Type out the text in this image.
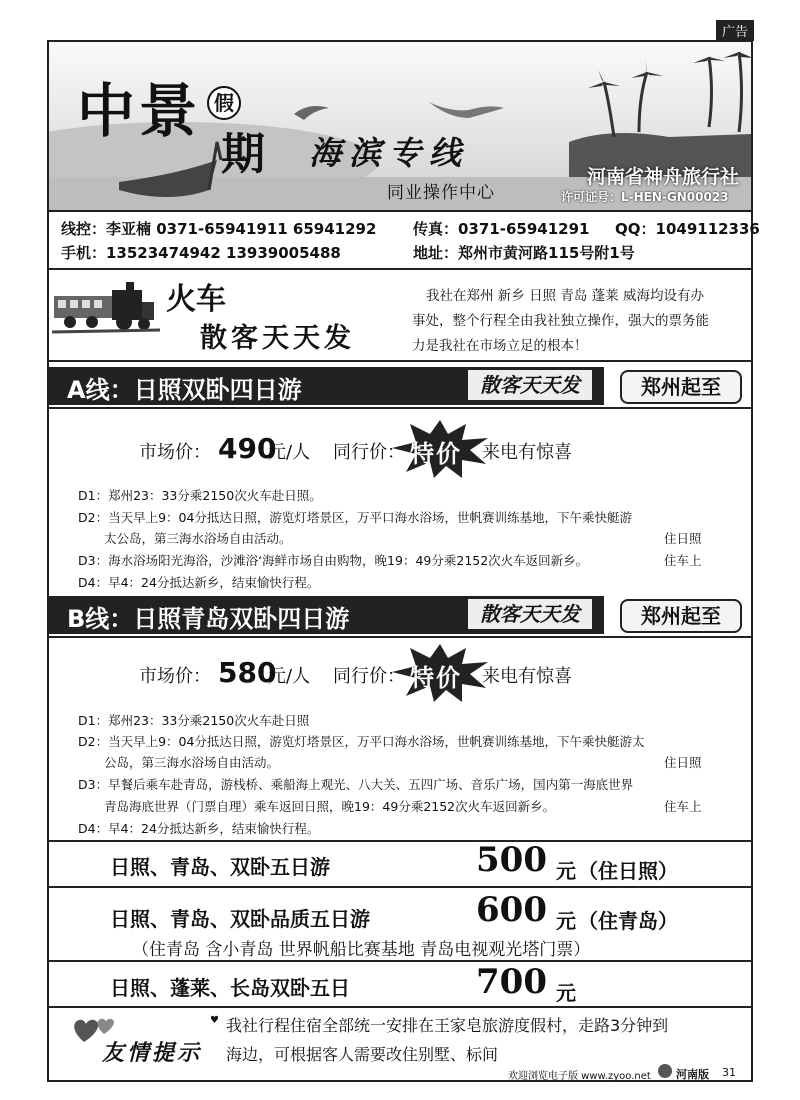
广告
中景 假
期 海滨专线
同业操作中心
河南省神舟旅行社
许可证号：L-HEN-GN00023
线控：李亚楠 0371-65941911 65941292 传真：0371-65941291 QQ：1049112336
手机：13523474942 13939005488	地址：郑州市黄河路115号附1号
火车
散客天天发
我社在郑州 新乡 日照 青岛 蓬莱 威海均设有办
事处，整个行程全由我社独立操作，强大的票务能
力是我社在市场立足的根本！
A线：日照双卧四日游	散客天天发	郑州起至
市场价： 490
元/人 同行价： 特价 来电有惊喜
D1：郑州23：33分乘2150次火车赴日照。
D2：当天早上9：04分抵达日照，游览灯塔景区，万平口海水浴场，世帆赛训练基地，下午乘快艇游
太公岛，第三海水浴场自由活动。	住日照
D3：海水浴场阳光海浴，沙滩浴‘海鲜市场自由购物，晚19：49分乘2152次火车返回新乡。	住车上
D4：早4：24分抵达新乡，结束愉快行程。
B线：日照青岛双卧四日游	散客天天发	郑州起至
市场价： 580
元/人 同行价： 特价 来电有惊喜
D1：郑州23：33分乘2150次火车赴日照
D2：当天早上9：04分抵达日照，游览灯塔景区，万平口海水浴场，世帆赛训练基地，下午乘快艇游太
公岛，第三海水浴场自由活动。	住日照
D3：早餐后乘车赴青岛，游栈桥、乘船海上观光、八大关、五四广场、音乐广场，国内第一海底世界
青岛海底世界（门票自理）乘车返回日照，晚19：49分乘2152次火车返回新乡。	住车上
D4：早4：24分抵达新乡，结束愉快行程。
日照、青岛、双卧五日游	500 元 （住日照）
日照、青岛、双卧品质五日游	600 元 （住青岛）
（住青岛 含小青岛 世界帆船比赛基地 青岛电视观光塔门票）
日照、蓬莱、长岛双卧五日	700 元
友情提示
♥ 我社行程住宿全部统一安排在王家皂旅游度假村，走路3分钟到
海边，可根据客人需要改住别墅、标间
欢迎浏览电子版 www.zyoo.net 河南版 31
